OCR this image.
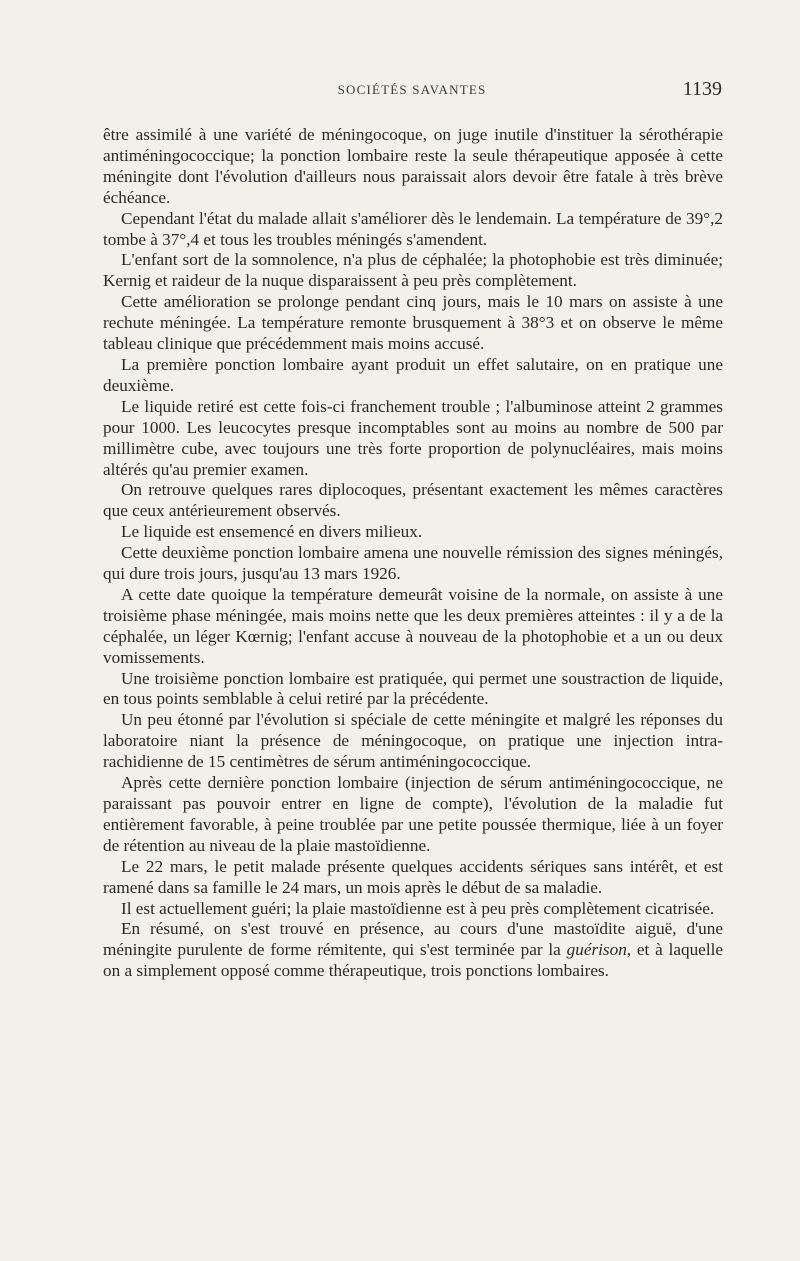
SOCIÉTÉS SAVANTES	1139

être assimilé à une variété de méningocoque, on juge inutile d'instituer la sérothérapie antiméningococcique; la ponction lombaire reste la seule thérapeutique apposée à cette méningite dont l'évolution d'ailleurs nous paraissait alors devoir être fatale à très brève échéance.

Cependant l'état du malade allait s'améliorer dès le lendemain. La température de 39°,2 tombe à 37°,4 et tous les troubles méningés s'amendent.

L'enfant sort de la somnolence, n'a plus de céphalée; la photophobie est très diminuée; Kernig et raideur de la nuque disparaissent à peu près complètement.

Cette amélioration se prolonge pendant cinq jours, mais le 10 mars on assiste à une rechute méningée. La température remonte brusquement à 38°3 et on observe le même tableau clinique que précédemment mais moins accusé.

La première ponction lombaire ayant produit un effet salutaire, on en pratique une deuxième.

Le liquide retiré est cette fois-ci franchement trouble ; l'albuminose atteint 2 grammes pour 1000. Les leucocytes presque incomptables sont au moins au nombre de 500 par millimètre cube, avec toujours une très forte proportion de polynucléaires, mais moins altérés qu'au premier examen.

On retrouve quelques rares diplocoques, présentant exactement les mêmes caractères que ceux antérieurement observés.

Le liquide est ensemencé en divers milieux.

Cette deuxième ponction lombaire amena une nouvelle rémission des signes méningés, qui dure trois jours, jusqu'au 13 mars 1926.

A cette date quoique la température demeurât voisine de la normale, on assiste à une troisième phase méningée, mais moins nette que les deux premières atteintes : il y a de la céphalée, un léger Kœrnig; l'enfant accuse à nouveau de la photophobie et a un ou deux vomissements.

Une troisième ponction lombaire est pratiquée, qui permet une soustraction de liquide, en tous points semblable à celui retiré par la précédente.

Un peu étonné par l'évolution si spéciale de cette méningite et malgré les réponses du laboratoire niant la présence de méningocoque, on pratique une injection intra-rachidienne de 15 centimètres de sérum antiméningococcique.

Après cette dernière ponction lombaire (injection de sérum antiméningococcique, ne paraissant pas pouvoir entrer en ligne de compte), l'évolution de la maladie fut entièrement favorable, à peine troublée par une petite poussée thermique, liée à un foyer de rétention au niveau de la plaie mastoïdienne.

Le 22 mars, le petit malade présente quelques accidents sériques sans intérêt, et est ramené dans sa famille le 24 mars, un mois après le début de sa maladie.

Il est actuellement guéri; la plaie mastoïdienne est à peu près complètement cicatrisée.

En résumé, on s'est trouvé en présence, au cours d'une mastoïdite aiguë, d'une méningite purulente de forme rémitente, qui s'est terminée par la guérison, et à laquelle on a simplement opposé comme thérapeutique, trois ponctions lombaires.
